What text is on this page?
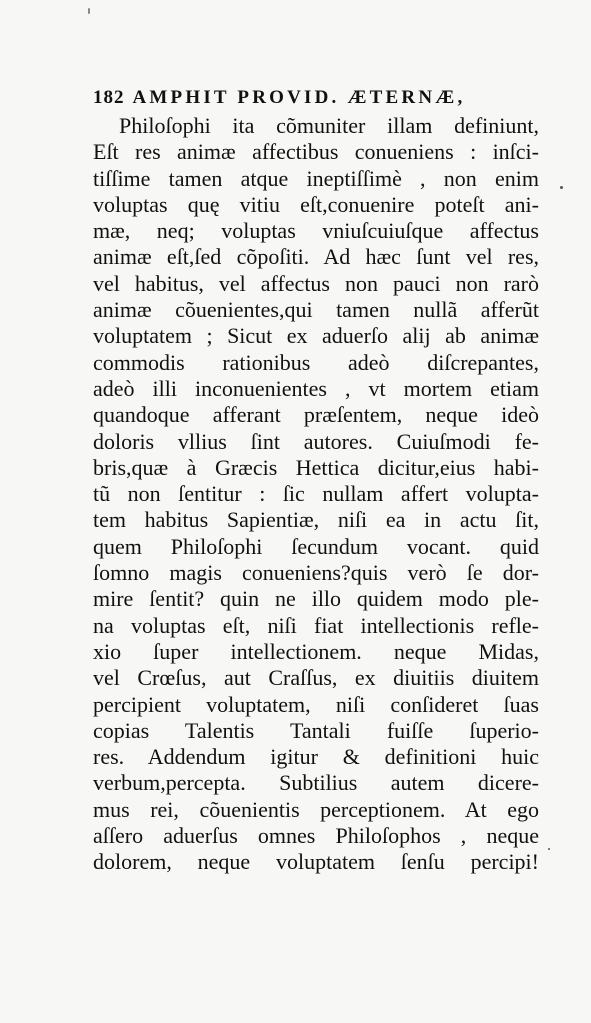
182 AMPHIT PROVID. ÆTERNÆ,
Philoſophi ita cõmuniter illam definiunt,
Eſt res animæ affectibus conueniens : inſci-
tiſſime tamen atque ineptiſſimè , non enim
voluptas quę vitiu eſt,conuenire poteſt ani-
mæ, neq; voluptas vniuſcuiuſque affectus
animæ eſt,ſed cõpoſiti. Ad hæc ſunt vel res,
vel habitus, vel affectus non pauci non rarò
animæ cõuenientes,qui tamen nullã afferũt
voluptatem ; Sicut ex aduerſo alij ab animæ
commodis rationibus adeò diſcrepantes,
adeò illi inconuenientes , vt mortem etiam
quandoque afferant præſentem, neque ideò
doloris vllius ſint autores. Cuiuſmodi fe-
bris,quæ à Græcis Hettica dicitur,eius habi-
tũ non ſentitur : ſic nullam affert volupta-
tem habitus Sapientiæ, niſi ea in actu ſit,
quem Philoſophi ſecundum vocant. quid
ſomno magis conueniens?quis verò ſe dor-
mire ſentit? quin ne illo quidem modo ple-
na voluptas eſt, niſi fiat intellectionis refle-
xio ſuper intellectionem. neque Midas,
vel Crœſus, aut Craſſus, ex diuitiis diuitem
percipient voluptatem, niſi conſideret ſuas
copias Talentis Tantali fuiſſe ſuperio-
res. Addendum igitur & definitioni huic
verbum,percepta. Subtilius autem dicere-
mus rei, cõuenientis perceptionem. At ego
aſſero aduerſus omnes Philoſophos , neque
dolorem, neque voluptatem ſenſu percipi!
